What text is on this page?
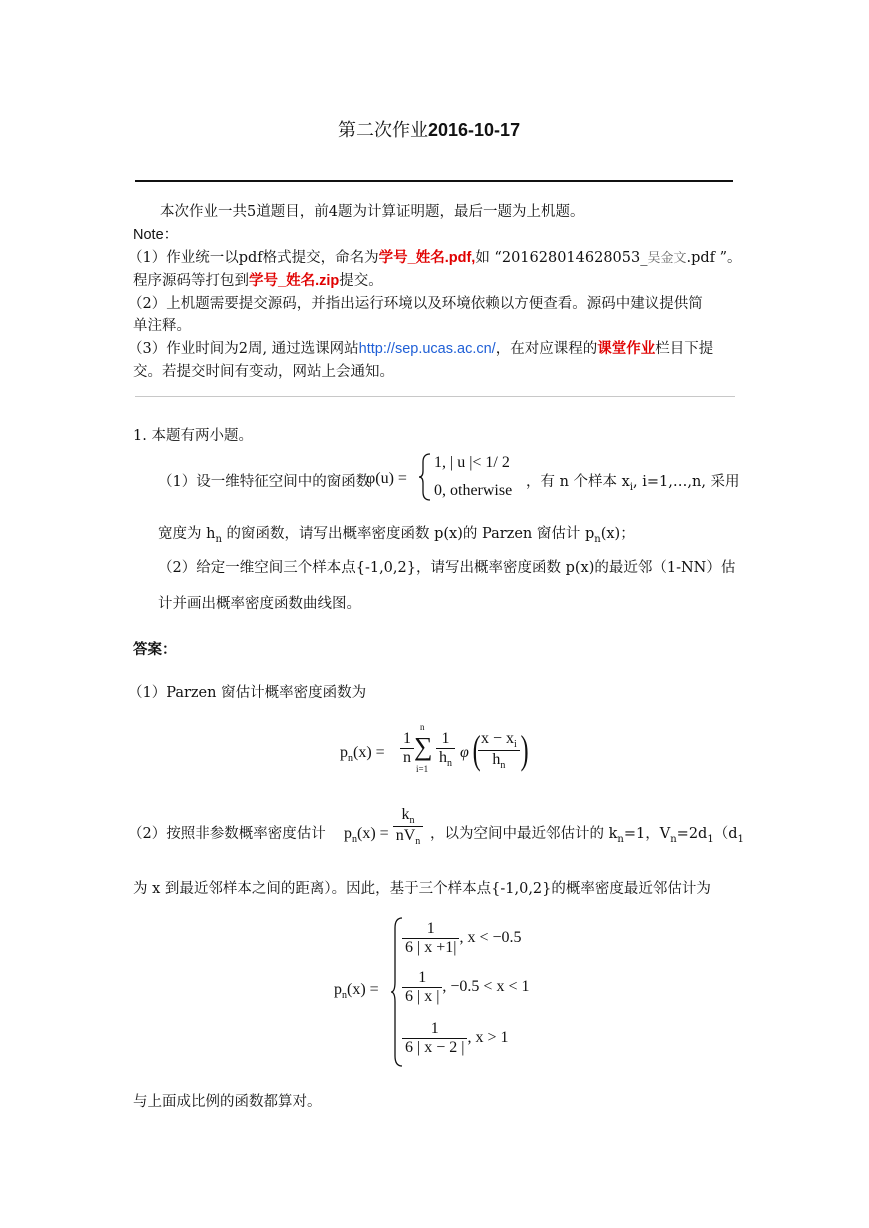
第二次作业2016-10-17
本次作业一共5道题目，前4题为计算证明题，最后一题为上机题。
Note：
（1）作业统一以pdf格式提交，命名为学号_姓名.pdf,如 “201628014628053_吴金文.pdf ”。
程序源码等打包到学号_姓名.zip提交。
（2）上机题需要提交源码，并指出运行环境以及环境依赖以方便查看。源码中建议提供简
单注释。
（3）作业时间为2周, 通过选课网站http://sep.ucas.ac.cn/，在对应课程的课堂作业栏目下提
交。若提交时间有变动，网站上会通知。
1. 本题有两小题。
（1）设一维特征空间中的窗函数
φ(u) =
1, | u |< 1/ 2
0, otherwise ，有 n 个样本 $x_i$, i=1,…,n, 采用
宽度为 $h_n$ 的窗函数，请写出概率密度函数 p(x)的 Parzen 窗估计 $p_n(x)$；
（2）给定一维空间三个样本点{-1,0,2}，请写出概率密度函数 p(x)的最近邻（1-NN）估
计并画出概率密度函数曲线图。
答案：
（1）Parzen 窗估计概率密度函数为
$p_n(x) = \frac{1}{n}$
n
∑
$i=1 \frac{1}{h_n}$ φ (
$\frac{x - x_i}{h_n}$ )
（2）按照非参数概率密度估计 $p_n(x) = \frac{k_n}{nV_n}$ ，以为空间中最近邻估计的 $k_n=1$，$V_n=2d_1(d_1$
为 x 到最近邻样本之间的距离）。因此，基于三个样本点{-1,0,2}的概率密度最近邻估计为
$p_n(x)$ =
$\frac{1}{6 | x +1|}$ , x < −0.5
$\frac{1}{6 | x |}$ , −0.5 < x < 1
$\frac{1}{6 | x - 2 |}$ , x > 1
与上面成比例的函数都算对。
